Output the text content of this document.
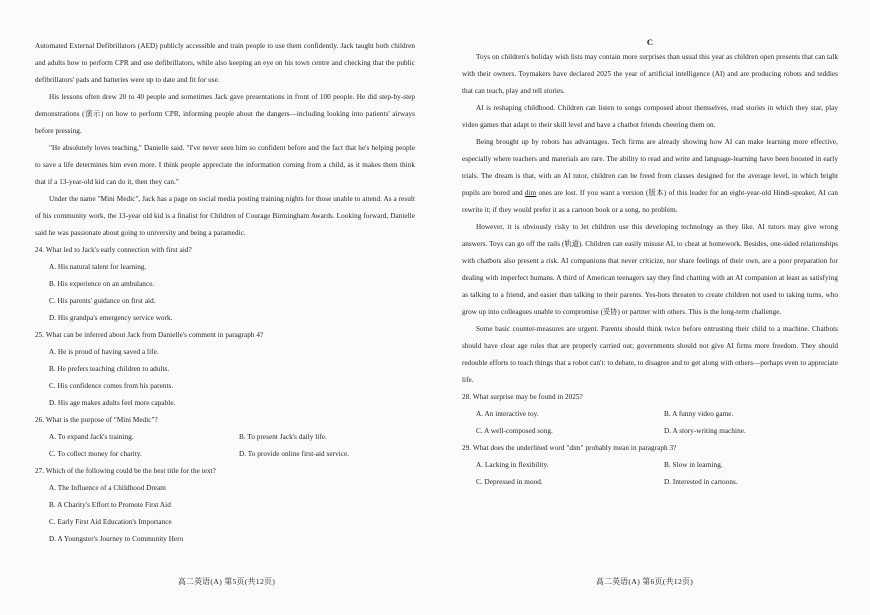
Automated External Defibrillators (AED) publicly accessible and train people to use them confidently. Jack taught both children and adults how to perform CPR and use defibrillators, while also keeping an eye on his town centre and checking that the public defibrillators' pads and batteries were up to date and fit for use.

His lessons often drew 20 to 40 people and sometimes Jack gave presentations in front of 100 people. He did step-by-step demonstrations (演示) on how to perform CPR, informing people about the dangers—including looking into patients' airways before pressing.

"He absolutely loves teaching," Danielle said. "I've never seen him so confident before and the fact that he's helping people to save a life determines him even more. I think people appreciate the information coming from a child, as it makes them think that if a 13-year-old kid can do it, then they can."

Under the name "Mini Medic", Jack has a page on social media posting training nights for those unable to attend. As a result of his community work, the 13-year old kid is a finalist for Children of Courage Birmingham Awards. Looking forward, Danielle said he was passionate about going to university and being a paramedic.

24. What led to Jack's early connection with first aid?

A. His natural talent for learning.

B. His experience on an ambulance.

C. His parents' guidance on first aid.

D. His grandpa's emergency service work.

25. What can be inferred about Jack from Danielle's comment in paragraph 4?

A. He is proud of having saved a life.

B. He prefers teaching children to adults.

C. His confidence comes from his parents.

D. His age makes adults feel more capable.

26. What is the purpose of "Mini Medic"?

A. To expand Jack's training.	B. To present Jack's daily life.

C. To collect money for charity.	D. To provide online first-aid service.

27. Which of the following could be the best title for the text?

A. The Influence of a Childhood Dream

B. A Charity's Effort to Promote First Aid

C. Early First Aid Education's Importance

D. A Youngster's Journey to Community Hero

C

Toys on children's holiday wish lists may contain more surprises than usual this year as children open presents that can talk with their owners. Toymakers have declared 2025 the year of artificial intelligence (AI) and are producing robots and teddies that can teach, play and tell stories.

AI is reshaping childhood. Children can listen to songs composed about themselves, read stories in which they star, play video games that adapt to their skill level and have a chatbot friends cheering them on.

Being brought up by robots has advantages. Tech firms are already showing how AI can make learning more effective, especially where teachers and materials are rare. The ability to read and write and language-learning have been boosted in early trials. The dream is that, with an AI tutor, children can be freed from classes designed for the average level, in which bright pupils are bored and dim ones are lost. If you want a version (版本) of this leader for an eight-year-old Hindi-speaker, AI can rewrite it; if they would prefer it as a cartoon book or a song, no problem.

However, it is obviously risky to let children use this developing technology as they like. AI tutors may give wrong answers. Toys can go off the rails (轨道). Children can easily misuse AI, to cheat at homework. Besides, one-sided relationships with chatbots also present a risk. AI companions that never criticize, nor share feelings of their own, are a poor preparation for dealing with imperfect humans. A third of American teenagers say they find chatting with an AI companion at least as satisfying as talking to a friend, and easier than talking to their parents. Yes-bots threaten to create children not used to taking turns, who grow up into colleagues unable to compromise (妥协) or partner with others. This is the long-term challenge.

Some basic counter-measures are urgent. Parents should think twice before entrusting their child to a machine. Chatbots should have clear age rules that are properly carried out; governments should not give AI firms more freedom. They should redouble efforts to teach things that a robot can't: to debate, to disagree and to get along with others—perhaps even to appreciate life.

28. What surprise may be found in 2025?

A. An interactive toy.	B. A funny video game.

C. A well-composed song.	D. A story-writing machine.

29. What does the underlined word "dim" probably mean in paragraph 3?

A. Lacking in flexibility.	B. Slow in learning.

C. Depressed in mood.	D. Interested in cartoons.

高二英语(A) 第5页(共12页)	高二英语(A) 第6页(共12页)
